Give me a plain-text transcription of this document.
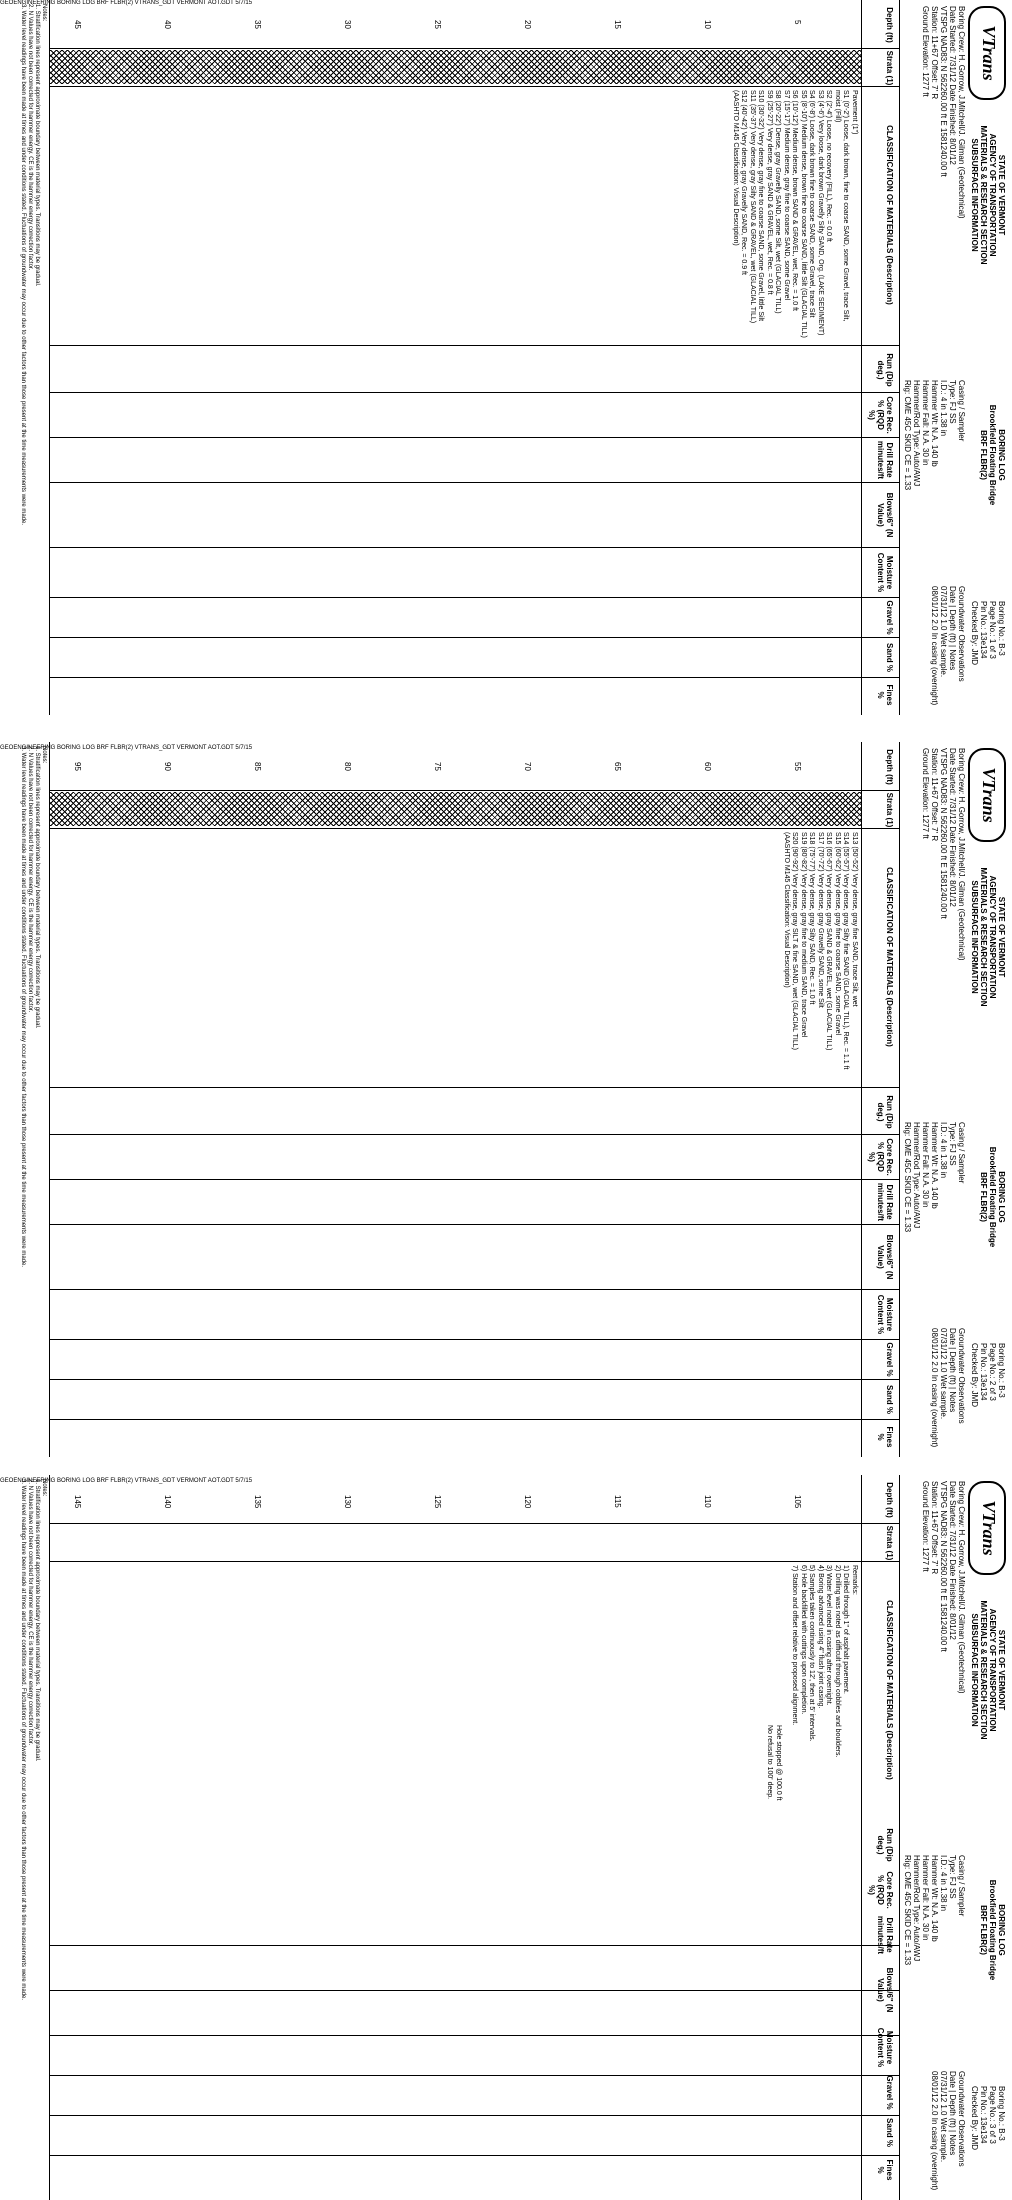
VTrans
STATE OF VERMONT
AGENCY OF TRANSPORTATION
MATERIALS & RESEARCH SECTION
SUBSURFACE INFORMATION
BORING LOG
Brookfield Floating Bridge
BRF FLBR(2)
Boring No.: B-3
Page No.: 1 of 3
Pin No.: 13e134
Checked By: JMD
Boring Crew: H. Gorrow, J.Mitchell/J. Gilman (Geotechnical)
Date Started: 7/31/12 Date Finished: 8/01/12
VTSPG NAD83: N 562260.00 ft E 1581240.00 ft
Station: 11+67 Offset: 7' R
Ground Elevation: 1277 ft
Casing / Sampler
Type: FJ SS
I.D.: 4 in 1.38 in
Hammer Wt: N.A. 140 lb
Hammer Fall: N.A. 30 in
Hammer/Rod Type: Auto/AWJ
Rig: CME 45C SKID CE = 1.33
Groundwater Observations
Date | Depth (ft) | Notes
07/31/12 1.0 Wet sample.
08/01/12 2.0 In casing (overnight)
Depth (ft)
Strata (1)
CLASSIFICATION OF MATERIALS (Description)
Run (Dip deg.)
Core Rec. % (RQD %)
Drill Rate minutes/ft
Blows/6" (N Value)
Moisture Content %
Gravel %
Sand %
Fines %
5
10
15
20
25
30
35
40
45
Pavement (1")
S1 (0'-2') Loose, dark brown, fine to coarse SAND, some Gravel, trace Silt, moist (Fill)
S2 (2'-4') Loose, no recovery (FILL), Rec. = 0.0 ft
S3 (4'-6') Very loose, dark brown Gravelly Silty SAND, Org. (LAKE SEDIMENT)
S4 (6'-8') Loose, dark brown fine to coarse SAND, some Gravel, trace Silt
S5 (8'-10') Medium dense, brown fine to coarse SAND, little Silt (GLACIAL TILL)
S6 (10'-12') Medium dense, brown SAND & GRAVEL, wet, Rec. = 1.0 ft
S7 (15'-17') Medium dense, gray fine to coarse SAND, some Gravel
S8 (20'-22') Dense, gray Gravelly SAND, some Silt, wet (GLACIAL TILL)
S9 (25'-27') Very dense, gray SAND & GRAVEL, wet, Rec. = 0.8 ft
S10 (30'-32') Very dense, gray fine to coarse SAND, some Gravel, little Silt
S11 (35'-37') Very dense, gray Silty SAND & GRAVEL, wet (GLACIAL TILL)
S12 (40'-42') Very dense, gray Gravelly SAND, Rec. = 0.9 ft
(AASHTO M145 Classification: Visual Description)
Notes:
1. Stratification lines represent approximate boundary between material types. Transitions may be gradual.
2. N Values have not been corrected for hammer energy. CE is the hammer energy correction factor.
3. Water level readings have been made at times and under conditions stated. Fluctuations of groundwater may occur due to other factors than those present at the time measurements were made.
VTrans
STATE OF VERMONT
AGENCY OF TRANSPORTATION
MATERIALS & RESEARCH SECTION
SUBSURFACE INFORMATION
BORING LOG
Brookfield Floating Bridge
BRF FLBR(2)
Boring No.: B-3
Page No.: 2 of 3
Pin No.: 13e134
Checked By: JMD
Boring Crew: H. Gorrow, J.Mitchell/J. Gilman (Geotechnical)
Date Started: 7/31/12 Date Finished: 8/01/12
VTSPG NAD83: N 562260.00 ft E 1581240.00 ft
Station: 11+67 Offset: 7' R
Ground Elevation: 1277 ft
Casing / Sampler
Type: FJ SS
I.D.: 4 in 1.38 in
Hammer Wt: N.A. 140 lb
Hammer Fall: N.A. 30 in
Hammer/Rod Type: Auto/AWJ
Rig: CME 45C SKID CE = 1.33
Groundwater Observations
Date | Depth (ft) | Notes
07/31/12 1.0 Wet sample.
08/01/12 2.0 In casing (overnight)
Depth (ft)
Strata (1)
CLASSIFICATION OF MATERIALS (Description)
Run (Dip deg.)
Core Rec. % (RQD %)
Drill Rate minutes/ft
Blows/6" (N Value)
Moisture Content %
Gravel %
Sand %
Fines %
55
60
65
70
75
80
85
90
95
S13 (50'-52') Very dense, gray fine SAND, trace Silt, wet
S14 (55'-57') Very dense, gray Silty fine SAND (GLACIAL TILL), Rec. = 1.1 ft
S15 (60'-62') Very dense, gray fine to coarse SAND, some Gravel
S16 (65'-67') Very dense, gray SAND & GRAVEL, wet (GLACIAL TILL)
S17 (70'-72') Very dense, gray Gravelly SAND, some Silt
S18 (75'-77') Very dense, gray Silty SAND, Rec. = 1.0 ft
S19 (80'-82') Very dense, gray fine to medium SAND, trace Gravel
S20 (90'-92') Very dense, gray SILT & fine SAND, wet (GLACIAL TILL)
(AASHTO M145 Classification: Visual Description)
Notes:
1. Stratification lines represent approximate boundary between material types. Transitions may be gradual.
2. N Values have not been corrected for hammer energy. CE is the hammer energy correction factor.
3. Water level readings have been made at times and under conditions stated. Fluctuations of groundwater may occur due to other factors than those present at the time measurements were made.
VTrans
STATE OF VERMONT
AGENCY OF TRANSPORTATION
MATERIALS & RESEARCH SECTION
SUBSURFACE INFORMATION
BORING LOG
Brookfield Floating Bridge
BRF FLBR(2)
Boring No.: B-3
Page No.: 3 of 3
Pin No.: 13e134
Checked By: JMD
Boring Crew: H. Gorrow, J.Mitchell/J. Gilman (Geotechnical)
Date Started: 7/31/12 Date Finished: 8/01/12
VTSPG NAD83: N 562260.00 ft E 1581240.00 ft
Station: 11+67 Offset: 7' R
Ground Elevation: 1277 ft
Casing / Sampler
Type: FJ SS
I.D.: 4 in 1.38 in
Hammer Wt: N.A. 140 lb
Hammer Fall: N.A. 30 in
Hammer/Rod Type: Auto/AWJ
Rig: CME 45C SKID CE = 1.33
Groundwater Observations
Date | Depth (ft) | Notes
07/31/12 1.0 Wet sample.
08/01/12 2.0 In casing (overnight)
Depth (ft)
Strata (1)
CLASSIFICATION OF MATERIALS (Description)
Run (Dip deg.)
Core Rec. % (RQD %)
Drill Rate minutes/ft
Blows/6" (N Value)
Moisture Content %
Gravel %
Sand %
Fines %
105
110
115
120
125
130
135
140
145
Remarks:
1) Drilled through 1" of asphalt pavement.
2) Drilling was noted as difficult through cobbles and boulders.
3) Water level noted in casing after overnight.
4) Boring advanced using 4" flush joint casing.
5) Samples taken continuously to 12', then at 5' intervals.
6) Hole backfilled with cuttings upon completion.
7) Station and offset relative to proposed alignment.
Hole stopped @ 100.0 ft
No refusal to 100' deep.
Notes:
1. Stratification lines represent approximate boundary between material types. Transitions may be gradual.
2. N Values have not been corrected for hammer energy. CE is the hammer energy correction factor.
3. Water level readings have been made at times and under conditions stated. Fluctuations of groundwater may occur due to other factors than those present at the time measurements were made.
GEOENGINEERING BORING LOG BRF FLBR(2) VTRANS_GDT VERMONT AOT.GDT 5/7/15
GEOENGINEERING BORING LOG BRF FLBR(2) VTRANS_GDT VERMONT AOT.GDT 5/7/15
GEOENGINEERING BORING LOG BRF FLBR(2) VTRANS_GDT VERMONT AOT.GDT 5/7/15
